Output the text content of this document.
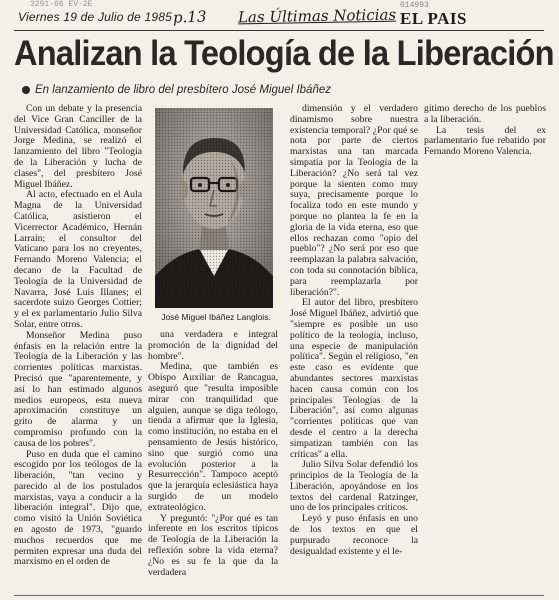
3291-66 EV-2E
Viernes 19 de Julio de 1985 p.13 Las Últimas Noticias
014993
EL PAIS
Analizan la Teología de la Liberación
En lanzamiento de libro del presbítero José Miguel Ibáñez

Con un debate y la presencia del Vice Gran Canciller de la Universidad Católica, monseñor Jorge Medina, se realizó el lanzamiento del libro "Teología de la Liberación y lucha de clases", del presbítero José Miguel Ibáñez.

Al acto, efectuado en el Aula Magna de la Universidad Católica, asistieron el Vicerrector Académico, Hernán Larraín; el consultor del Vaticano para los no creyentes, Fernando Moreno Valencia; el decano de la Facultad de Teología de la Universidad de Navarra, José Luis Illanes; el sacerdote suizo Georges Cottier; y el ex parlamentario Julio Silva Solar, entre otros.

Monseñor Medina puso énfasis en la relación entre la Teología de la Liberación y las corrientes políticas marxistas. Precisó que "aparentemente, y así lo han estimado algunos medios europeos, esta nueva aproximación constituye un grito de alarma y un compromiso profundo con la causa de los pobres".

Puso en duda que el camino escogido por los teólogos de la liberación, "tan vecino y parecido al de los postulados marxistas, vaya a conducir a la liberación integral". Dijo que, como visitó la Unión Soviética en agosto de 1973, "guardo muchos recuerdos que me permiten expresar una duda del marxismo en el orden de

José Miguel Ibáñez Langlois.

una verdadera e integral promoción de la dignidad del hombre".

Medina, que también es Obispo Auxiliar de Rancagua, aseguró que "resulta imposible mirar con tranquilidad que alguien, aunque se diga teólogo, tienda a afirmar que la Iglesia, como institución, no estaba en el pensamiento de Jesús histórico, sino que surgió como una evolución posterior a la Resurrección". Tampoco aceptó que la jerarquía eclesiástica haya surgido de un modelo extrateológico.

Y preguntó: "¿Por qué es tan inferente en los escritos típicos de Teología de la Liberación la reflexión sobre la vida eterna? ¿No es su fe la que da la verdadera

dimensión y el verdadero dinamismo sobre nuestra existencia temporal? ¿Por qué se nota por parte de ciertos marxistas una tan marcada simpatía por la Teología de la Liberación? ¿No será tal vez porque la sienten como muy suya, precisamente porque lo focaliza todo en este mundo y porque no plantea la fe en la gloria de la vida eterna, eso que ellos rechazan como "opio del pueblo"? ¿No será por eso que reemplazan la palabra salvación, con toda su connotación bíblica, para reemplazarla por liberación?".

El autor del libro, presbítero José Miguel Ibáñez, advirtió que "siempre es posible un uso político de la teología, incluso, una especie de manipulación política". Según el religioso, "en este caso es evidente que abundantes sectores marxistas hacen causa común con los principales Teologías de la Liberación", así como algunas "corrientes políticas que van desde el centro a la derecha simpatizan también con las críticas" a ella.

Julio Silva Solar defendió los principios de la Teología de la Liberación, apoyándose en los textos del cardenal Ratzinger, uno de los principales críticos.

Leyó y puso énfasis en uno de los textos en que el purpurado reconoce la desigualdad existente y el le-

gítimo derecho de los pueblos a la liberación.

La tesis del ex parlamentario fue rebatido por Fernando Moreno Valencia.
